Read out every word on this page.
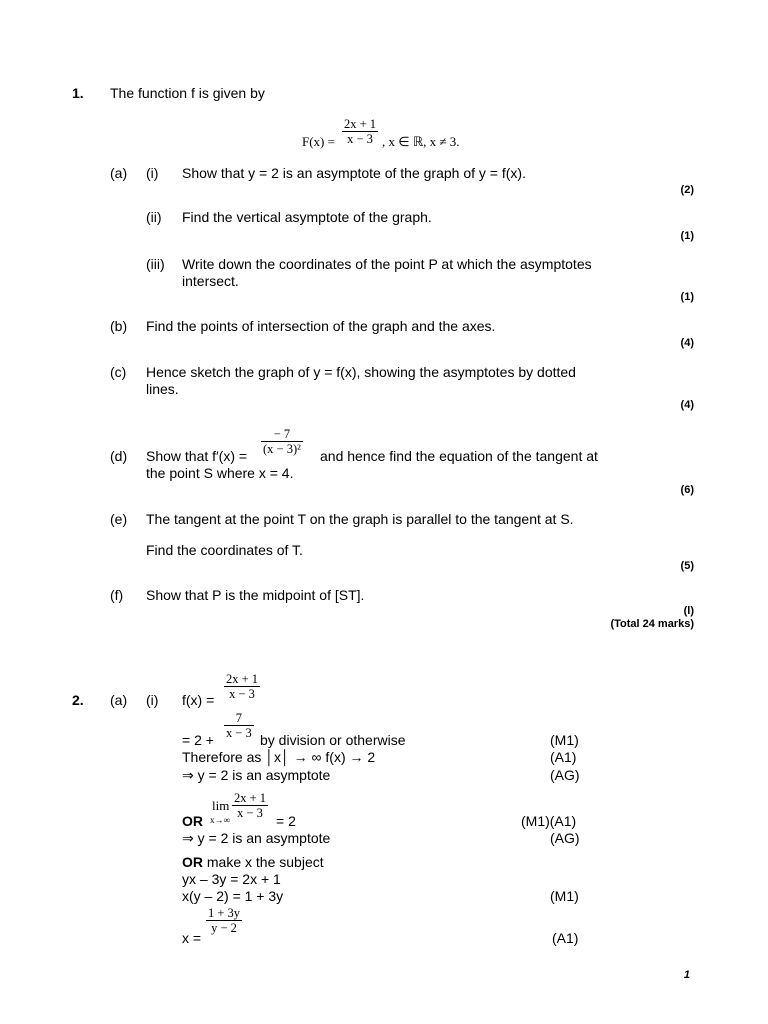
1. The function f is given by
$F(x) = \frac{2x + 1}{x - 3}$ , x ∈ ℝ, x ≠ 3.
(a) (i) Show that y = 2 is an asymptote of the graph of y = f(x).
(2)
(ii) Find the vertical asymptote of the graph.
(1)
(iii) Write down the coordinates of the point P at which the asymptotes
intersect.
(1)
(b) Find the points of intersection of the graph and the axes.
(4)
(c) Hence sketch the graph of y = f(x), showing the asymptotes by dotted
lines.
(4)
(d) Show that $f'(x) = \frac{- 7}{\text{(x − 3)²}}$ and hence find the equation of the tangent at
the point S where x = 4.
(6)
(e) The tangent at the point T on the graph is parallel to the tangent at S.
Find the coordinates of T.
(5)
(f) Show that P is the midpoint of [ST].
(l)
(Total 24 marks)
$\frac{2x + 1}{x - 3}$
2. (a) (i) f(x) =
$\frac{7}{x - 3}$
= 2 +	by division or otherwise	(M1)
Therefore as │x│ → ∞ f(x) → 2	(A1)
⇒ y = 2 is an asymptote	(AG)
OR
lim
$x\to\infty \frac{2x + 1}{x - 3}$
= 2	(M1)(A1)
⇒ y = 2 is an asymptote	(AG)
OR make x the subject
yx – 3y = 2x + 1
x(y – 2) = 1 + 3y	(M1)
$\frac{1 + 3y}{y - 2}$
x =	(A1)
1
